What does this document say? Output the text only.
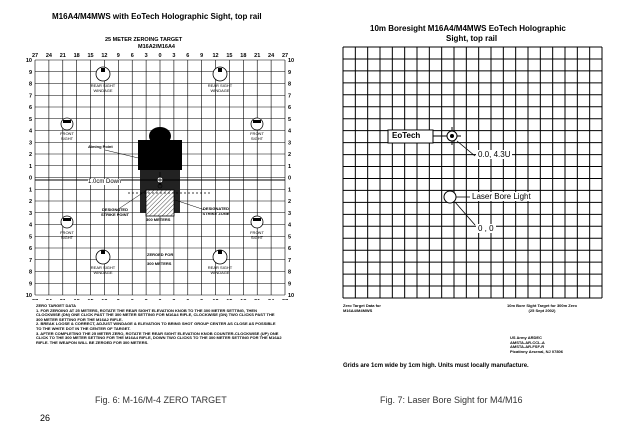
M16A4/M4MWS with EoTech Holographic Sight, top rail
25 METER ZEROING TARGET
M16A2/M16A4
27 24 21 18 15 12 9 6 3 0 3 6 9 12 15 18 21 24 27
10
9
8
7
6
5
4
3
2
1
0
1
2
3
4
5
6
7
8
9
10
10
9
8
7
6
5
4
3
2
1
0
1
2
3
4
5
6
7
8
9
10
Aiming Point
1.0cm Down
DESIGNATED STRIKE POINT
DESIGNATED STRIKE ZONE
300 METERS
ZEROED FOR
300 METERS
REAR SIGHT WINDAGE
REAR SIGHT WINDAGE
REAR SIGHT WINDAGE
REAR SIGHT WINDAGE
FRONT SIGHT
FRONT SIGHT
FRONT SIGHT
FRONT SIGHT
ZERO TARGET DATA
1. FOR ZEROING AT 25 METERS, ROTATE THE REAR SIGHT ELEVATION KNOB TO THE 300 METER SETTING, THEN CLOCKWISE (DN) ONE CLICK PAST THE 300 METER SETTING FOR M16A4 RIFLE, CLOCKWISE (DN) TWO CLICKS PAST THE 300 METER SETTING FOR THE M16A2 RIFLE.
2. BREAK LOOSE & CORRECT, ADJUST WINDAGE & ELEVATION TO BRING SHOT GROUP CENTER AS CLOSE AS POSSIBLE TO THE WHITE DOT IN THE CENTER OF TARGET.
3. AFTER COMPLETING THE 25 METER ZERO, ROTATE THE REAR SIGHT ELEVATION KNOB COUNTER-CLOCKWISE (UP) ONE CLICK TO THE 300 METER SETTING FOR THE M16A4 RIFLE, DOWN TWO CLICKS TO THE 300 METER SETTING FOR THE M16A2 RIFLE. THE WEAPON WILL BE ZEROED FOR 300 METERS.
Fig. 6: M-16/M-4 ZERO TARGET
10m Boresight M16A4/M4MWS EoTech Holographic
Sight, top rail
EoTech
0.0, 4.3U
Laser Bore Light
0 , 0
Zero Target Data for
M16A4/M4MWS
10m Bore Sight Target for 300m Zero
(25 Sept 2002)
US Army ARDEC
AMSTA-AR-CCL-A
AMSTA-AR-FSF-R
Picatinny Arsenal, NJ 07806
Grids are 1cm wide by 1cm high. Units must locally manufacture.
Fig. 7: Laser Bore Sight for M4/M16
26
